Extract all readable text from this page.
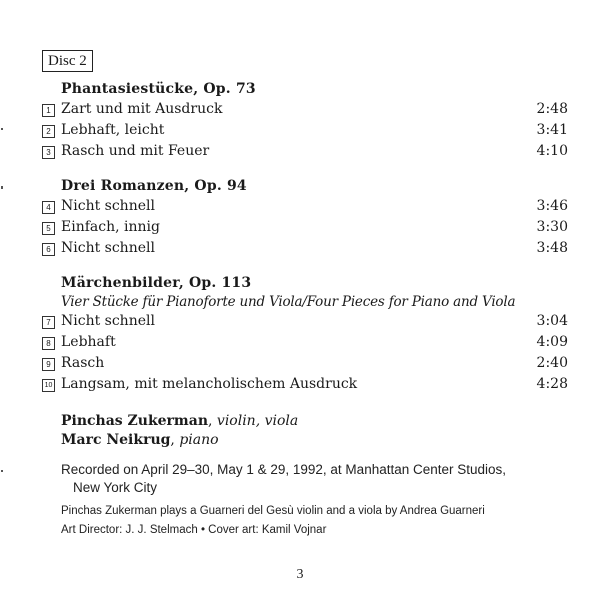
Disc 2
Phantasiestücke, Op. 73
1 Zart und mit Ausdruck	2:48
2 Lebhaft, leicht	3:41
3 Rasch und mit Feuer	4:10
Drei Romanzen, Op. 94
4 Nicht schnell	3:46
5 Einfach, innig	3:30
6 Nicht schnell	3:48
Märchenbilder, Op. 113
Vier Stücke für Pianoforte und Viola/Four Pieces for Piano and Viola
7 Nicht schnell	3:04
8 Lebhaft	4:09
9 Rasch	2:40
10 Langsam, mit melancholischem Ausdruck	4:28
Pinchas Zukerman, violin, viola
Marc Neikrug, piano
Recorded on April 29–30, May 1 & 29, 1992, at Manhattan Center Studios,
New York City
Pinchas Zukerman plays a Guarneri del Gesù violin and a viola by Andrea Guarneri
Art Director: J. J. Stelmach • Cover art: Kamil Vojnar
3
